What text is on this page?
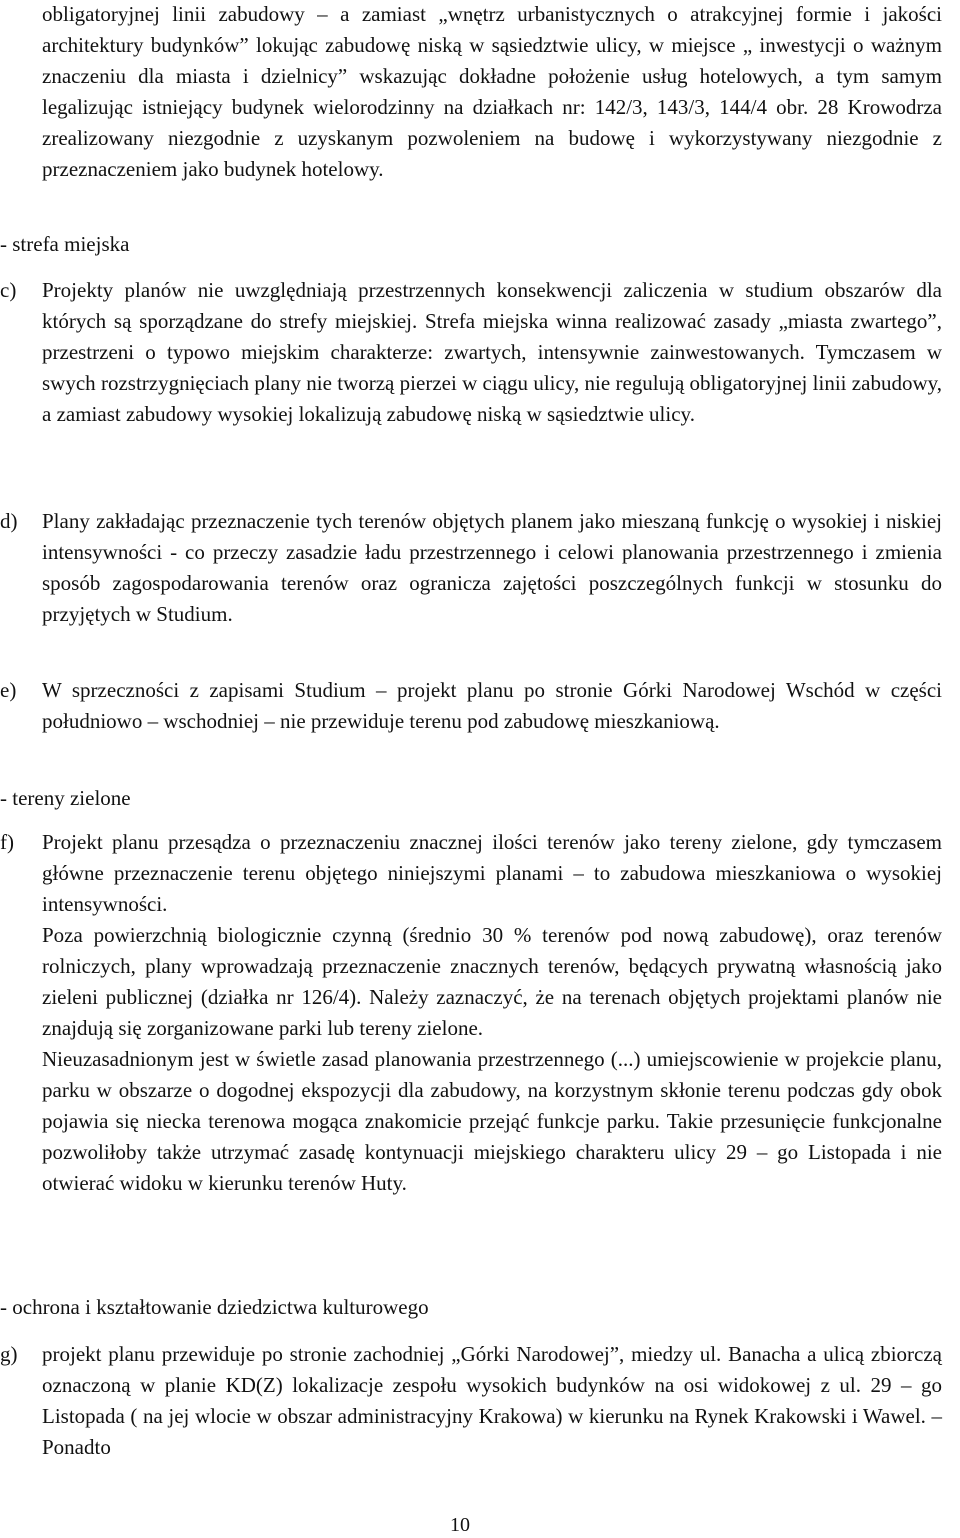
obligatoryjnej linii zabudowy – a zamiast „wnętrz urbanistycznych o atrakcyjnej formie i jakości architektury budynków” lokując zabudowę niską w sąsiedztwie ulicy, w miejsce „ inwestycji o ważnym znaczeniu dla miasta i dzielnicy” wskazując dokładne położenie usług hotelowych, a tym samym legalizując istniejący budynek wielorodzinny na działkach nr: 142/3, 143/3, 144/4 obr. 28 Krowodrza zrealizowany niezgodnie z uzyskanym pozwoleniem na budowę i wykorzystywany niezgodnie z przeznaczeniem jako budynek hotelowy.

- strefa miejska
c) Projekty planów nie uwzględniają przestrzennych konsekwencji zaliczenia w studium obszarów dla których są sporządzane do strefy miejskiej. Strefa miejska winna realizować zasady „miasta zwartego”, przestrzeni o typowo miejskim charakterze: zwartych, intensywnie zainwestowanych. Tymczasem w swych rozstrzygnięciach plany nie tworzą pierzei w ciągu ulicy, nie regulują obligatoryjnej linii zabudowy, a zamiast zabudowy wysokiej lokalizują zabudowę niską w sąsiedztwie ulicy.

d) Plany zakładając przeznaczenie tych terenów objętych planem jako mieszaną funkcję o wysokiej i niskiej intensywności - co przeczy zasadzie ładu przestrzennego i celowi planowania przestrzennego i zmienia sposób zagospodarowania terenów oraz ogranicza zajętości poszczególnych funkcji w stosunku do przyjętych w Studium.

e) W sprzeczności z zapisami Studium – projekt planu po stronie Górki Narodowej Wschód w części południowo – wschodniej – nie przewiduje terenu pod zabudowę mieszkaniową.

- tereny zielone
f) Projekt planu przesądza o przeznaczeniu znacznej ilości terenów jako tereny zielone, gdy tymczasem główne przeznaczenie terenu objętego niniejszymi planami – to zabudowa mieszkaniowa o wysokiej intensywności.

Poza powierzchnią biologicznie czynną (średnio 30 % terenów pod nową zabudowę), oraz terenów rolniczych, plany wprowadzają przeznaczenie znacznych terenów, będących prywatną własnością jako zieleni publicznej (działka nr 126/4). Należy zaznaczyć, że na terenach objętych projektami planów nie znajdują się zorganizowane parki lub tereny zielone.

Nieuzasadnionym jest w świetle zasad planowania przestrzennego (...) umiejscowienie w projekcie planu, parku w obszarze o dogodnej ekspozycji dla zabudowy, na korzystnym skłonie terenu podczas gdy obok pojawia się niecka terenowa mogąca znakomicie przejąć funkcje parku. Takie przesunięcie funkcjonalne pozwoliłoby także utrzymać zasadę kontynuacji miejskiego charakteru ulicy 29 – go Listopada i nie otwierać widoku w kierunku terenów Huty.

- ochrona i kształtowanie dziedzictwa kulturowego
g) projekt planu przewiduje po stronie zachodniej „Górki Narodowej”, miedzy ul. Banacha a ulicą zbiorczą oznaczoną w planie KD(Z) lokalizacje zespołu wysokich budynków na osi widokowej z ul. 29 – go Listopada ( na jej wlocie w obszar administracyjny Krakowa) w kierunku na Rynek Krakowski i Wawel. – Ponadto

10
